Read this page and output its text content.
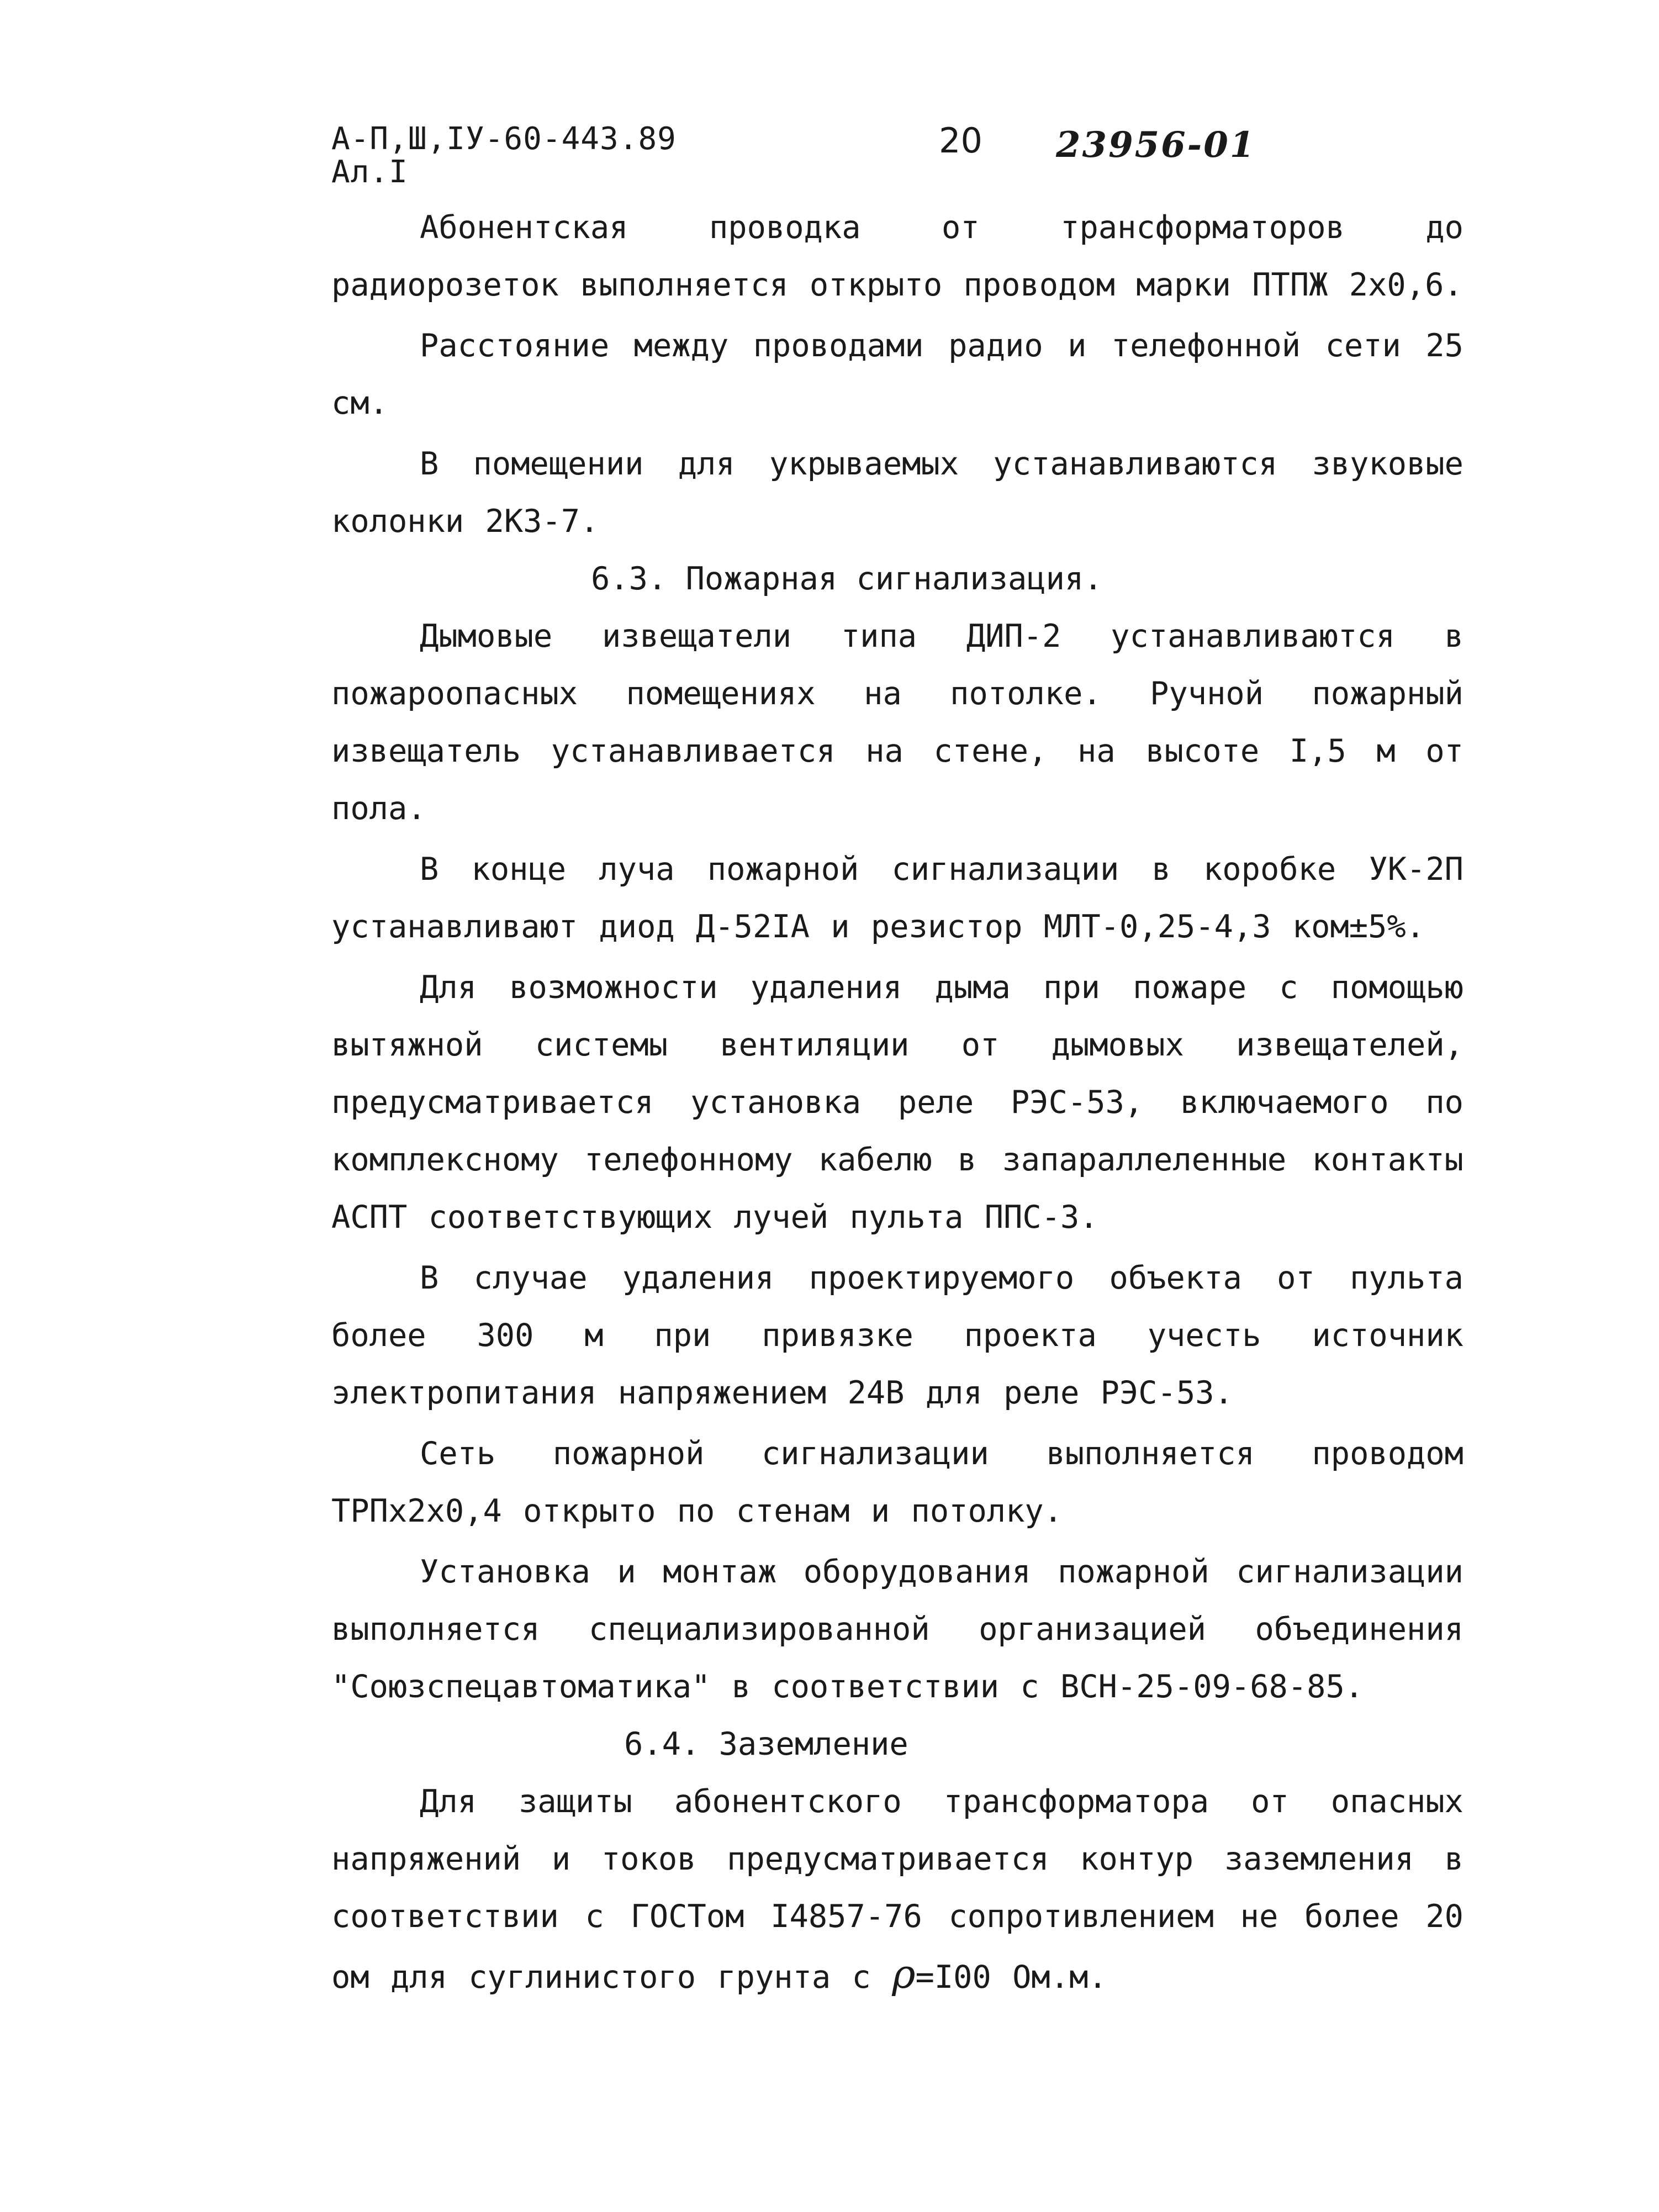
А-П,Ш,IУ-60-443.89
Ал.I
20 23956-01

Абонентская проводка от трансформаторов до радиорозеток выполняется открыто проводом марки ПТПЖ 2х0,6.

Расстояние между проводами радио и телефонной сети 25 см.

В помещении для укрываемых устанавливаются звуковые колонки 2КЗ-7.

6.3. Пожарная сигнализация.

Дымовые извещатели типа ДИП-2 устанавливаются в пожароопасных помещениях на потолке. Ручной пожарный извещатель устанавливается на стене, на высоте I,5 м от пола.

В конце луча пожарной сигнализации в коробке УК-2П устанавливают диод Д-52IА и резистор МЛТ-0,25-4,3 ком±5%.

Для возможности удаления дыма при пожаре с помощью вытяжной системы вентиляции от дымовых извещателей, предусматривается установка реле РЭС-53, включаемого по комплексному телефонному кабелю в запараллеленные контакты АСПТ соответствующих лучей пульта ППС-3.

В случае удаления проектируемого объекта от пульта более 300 м при привязке проекта учесть источник электропитания напряжением 24В для реле РЭС-53.

Сеть пожарной сигнализации выполняется проводом ТРПх2х0,4 открыто по стенам и потолку.

Установка и монтаж оборудования пожарной сигнализации выполняется специализированной организацией объединения "Союзспецавтоматика" в соответствии с ВСН-25-09-68-85.

6.4. Заземление

Для защиты абонентского трансформатора от опасных напряжений и токов предусматривается контур заземления в соответствии с ГОСТом I4857-76 сопротивлением не более 20 ом для суглинистого грунта с ρ=I00 Ом.м.
